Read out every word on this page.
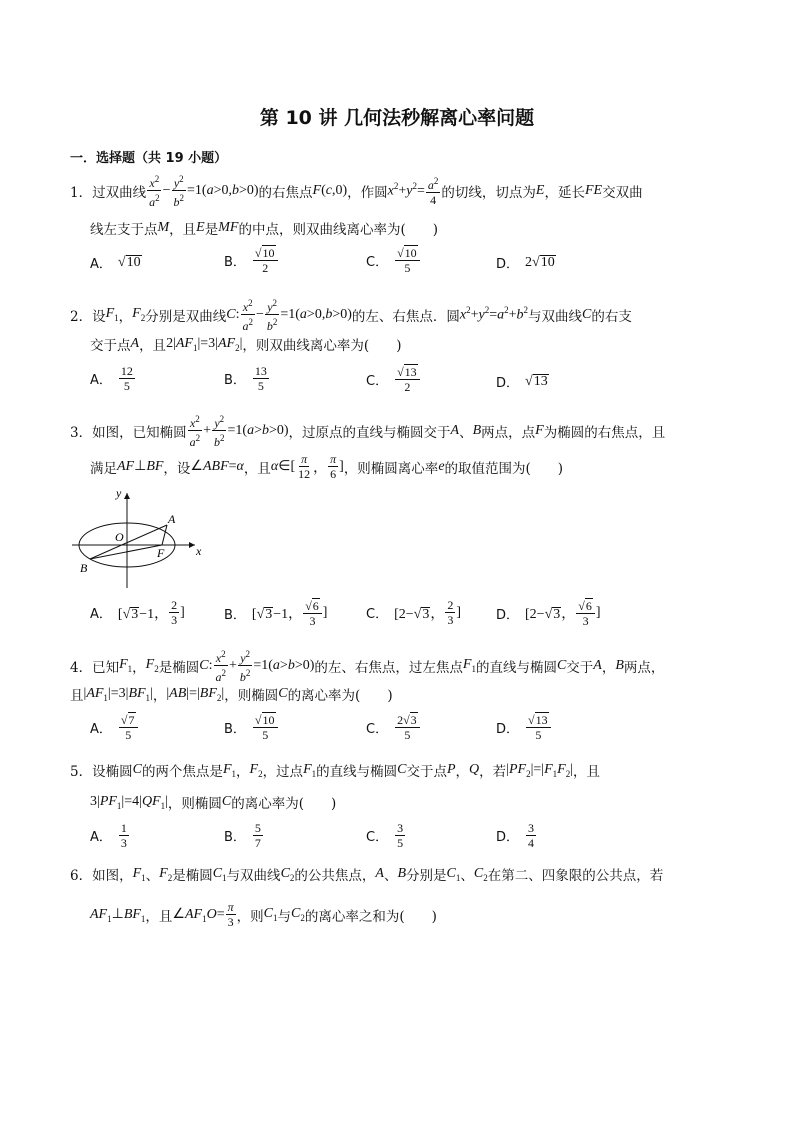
第 10 讲 几何法秒解离心率问题
一．选择题（共 19 小题）
1． 过双曲线 $\frac{x^2}{a^2} - \frac{y^2}{b^2} =1(a>0,b>0)$ 的右焦点 F(c,0) ，作圆 $x^2+y^2= \frac{a^2}{4}$ 的切线，切点为 E ，延长 FE 交双曲
线左支于点 M ，且 E 是 MF 的中点，则双曲线离心率为(　　)
A． √ 10	B． $\frac{√ 10}{2}$	C． $\frac{√ 10}{5}$	D． 2√ 10
2． 设 $F_1$ ， $F_2$ 分别是双曲线 C : $\frac{x^2}{a^2} - \frac{y^2}{b^2} =1(a>0,b>0)$ 的左、右焦点．圆 $x^2+y^2=a^2+b^2$ 与双曲线 C 的右支
交于点 A ，且 $2|AF_1|=3|AF_2|$ ，则双曲线离心率为(　　)
A． $\frac{12}{5}$	B． $\frac{13}{5}$	C． $\frac{√ 13}{2}$	D． √ 13
3． 如图，已知椭圆 $\frac{x^2}{a^2} + \frac{y^2}{b^2} =1(a>b>0)$ ，过原点的直线与椭圆交于 A 、 B 两点，点 F 为椭圆的右焦点，且
满足 AF⊥BF ，设 ∠ABF=α ，且 α∈[ $\frac{\pi}{12}$ ， $\frac{\pi}{6}$ ] ，则椭圆离心率 e 的取值范围为(　　)
y
x
O
A
B
F
A． [√ 3 −1， $\frac{2}{3}$ ]	B． [√ 3 −1， $\frac{√ 6}{3}$ ]	C． [2−√ 3 ， $\frac{2}{3}$ ]	D． [2−√ 3 ， $\frac{√ 6}{3}$ ]
4． 已知 $F_1$ ， $F_2$ 是椭圆 C : $\frac{x^2}{a^2} + \frac{y^2}{b^2} =1(a>b>0)$ 的左、右焦点，过左焦点 $F_1$ 的直线与椭圆 C 交于 A ， B 两点，
且 $|AF_1|=3|BF_1|$ ， $|AB|=|BF_2|$ ，则椭圆 C 的离心率为(　　)
A． $\frac{√ 7}{5}$	B． $\frac{√ 10}{5}$	C． $\frac{2√ 3}{5}$	D． $\frac{√ 13}{5}$
5． 设椭圆 C 的两个焦点是 $F_1$ ， $F_2$ ，过点 $F_1$ 的直线与椭圆 C 交于点 P ， Q ，若 $|PF_2|=|F_1F_2|$ ，且
$3|PF_1|=4|QF_1|$ ，则椭圆 C 的离心率为(　　)
A． $\frac{1}{3}$	B． $\frac{5}{7}$	C． $\frac{3}{5}$	D． $\frac{3}{4}$
6． 如图， $F_1$ 、 $F_2$ 是椭圆 $C_1$ 与双曲线 $C_2$ 的公共焦点， A 、 B 分别是 $C_1$ 、 $C_2$ 在第二、四象限的公共点，若
$AF_1\perp BF_1$ ，且 $\angle AF_1O= \frac{\pi}{3}$ ，则 $C_1$ 与 $C_2$ 的离心率之和为(　　)
